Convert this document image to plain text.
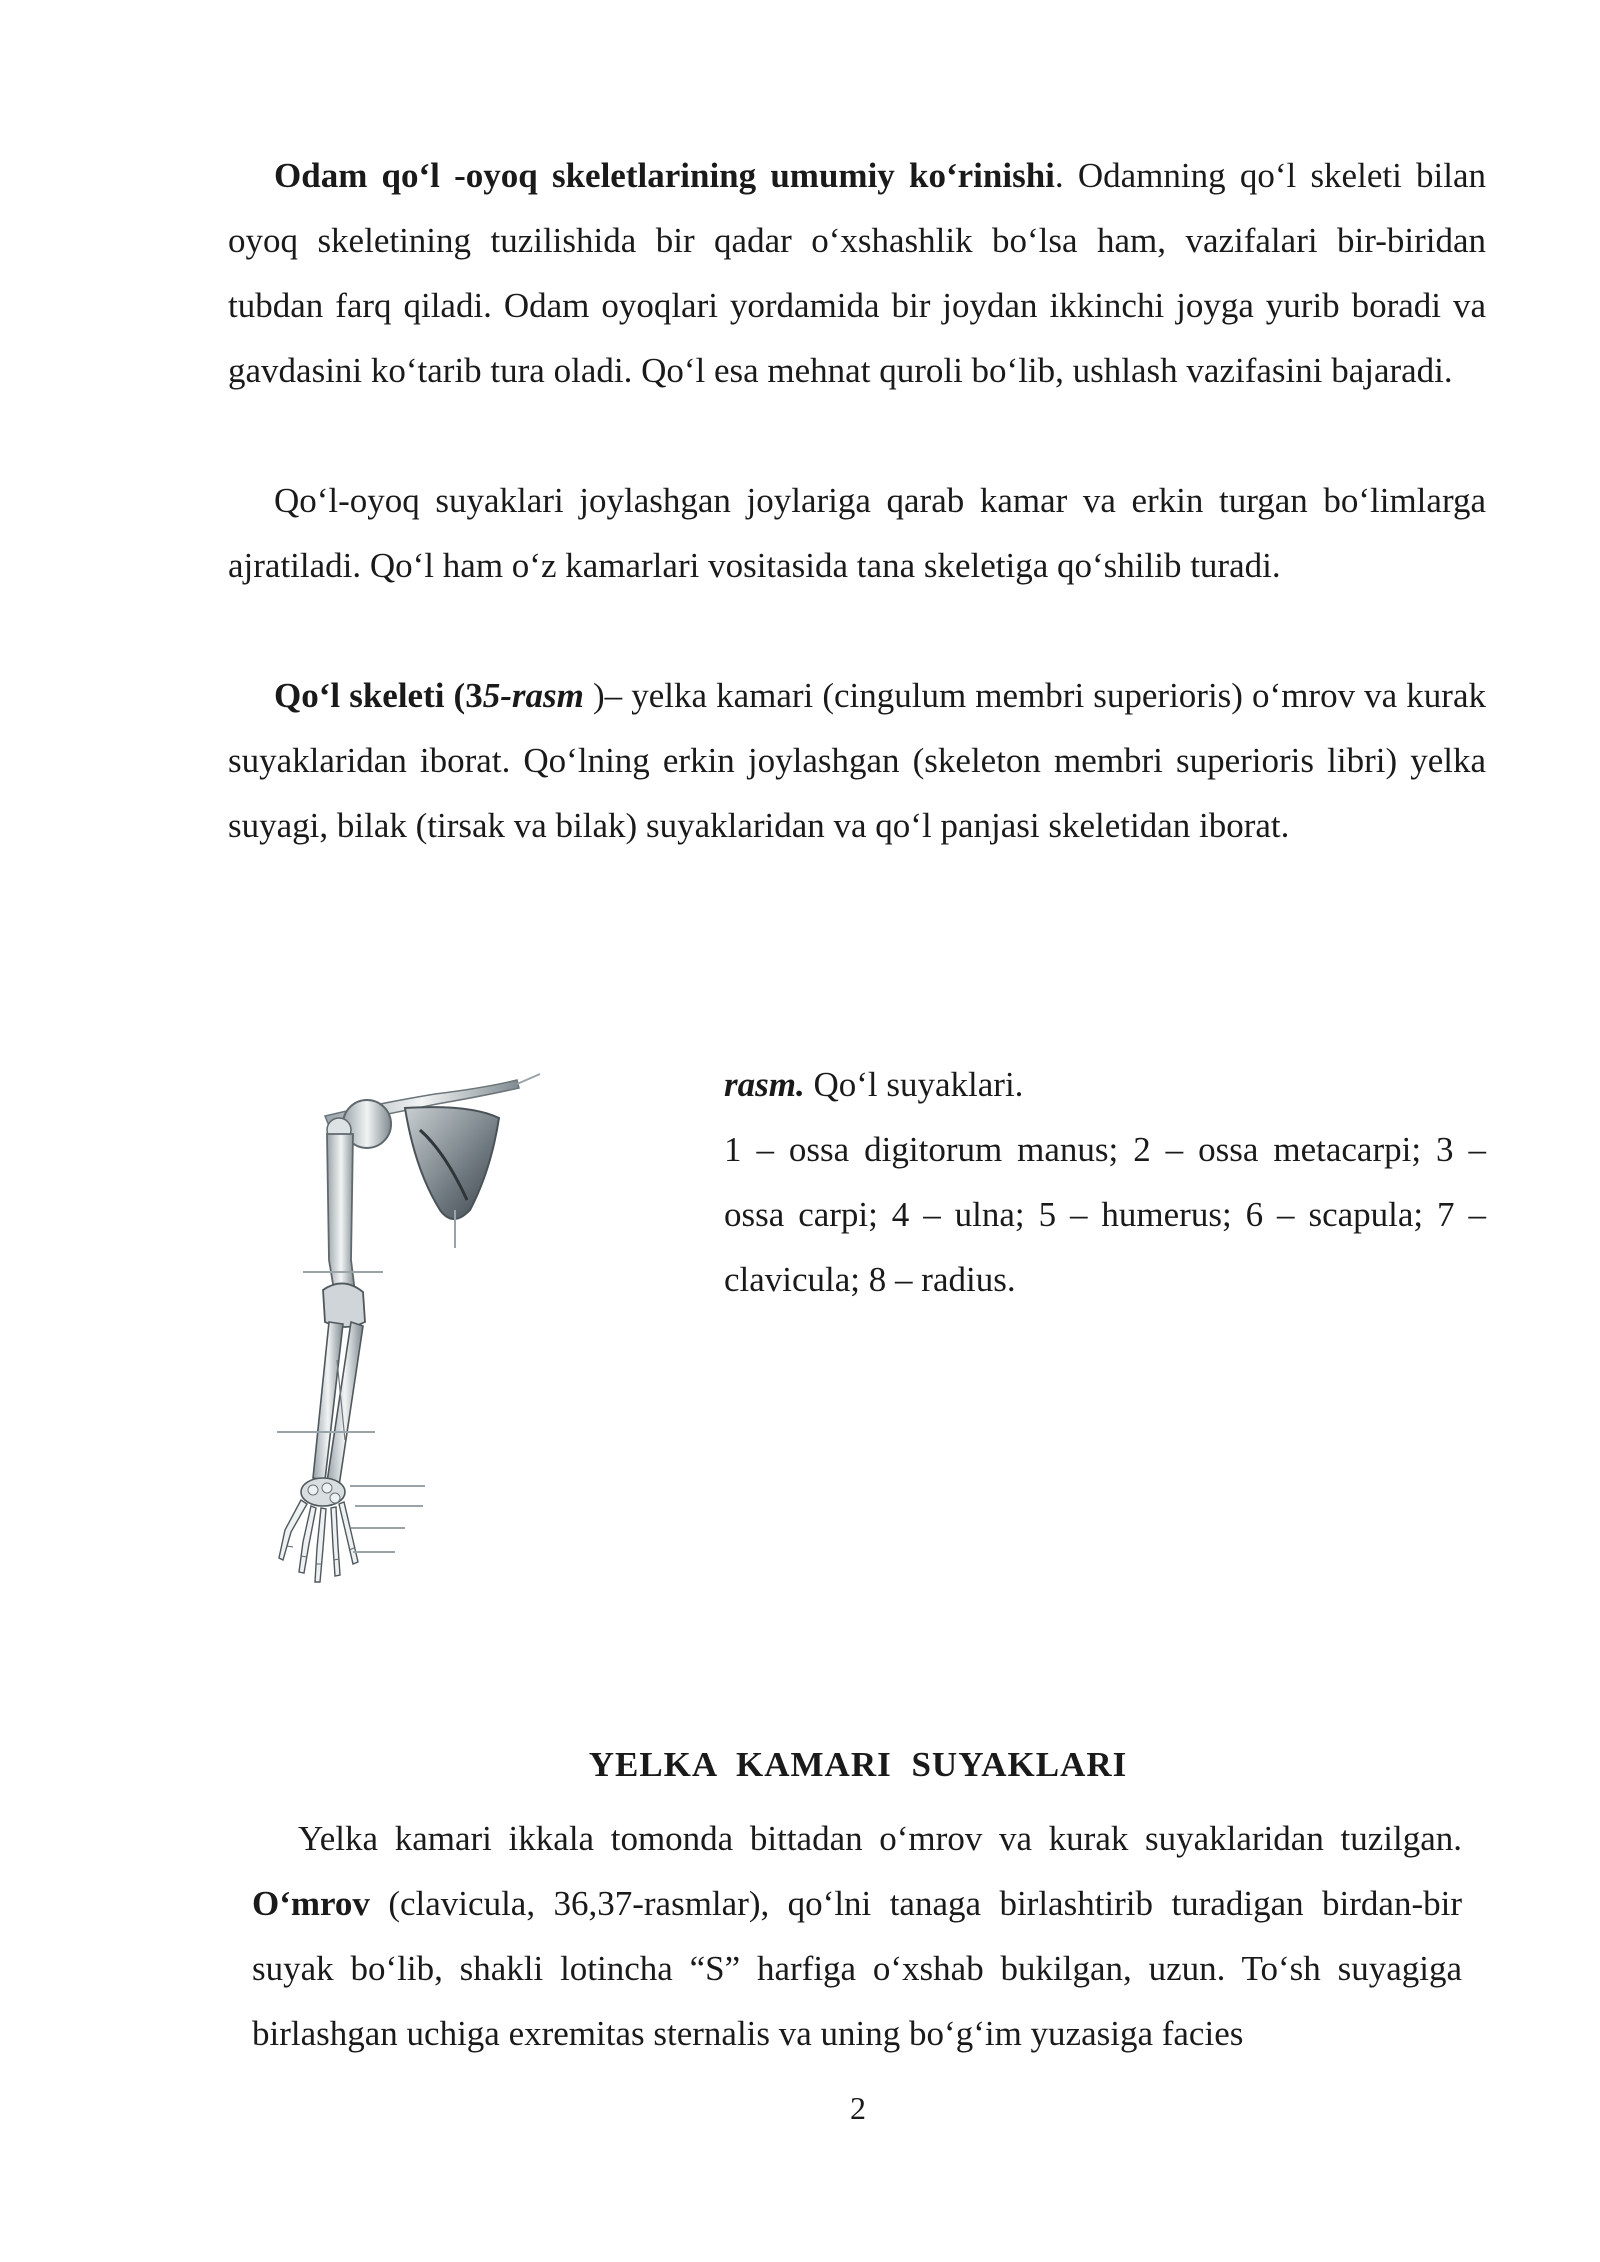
Odam qo‘l -oyoq skeletlarining umumiy ko‘rinishi. Odamning qo‘l skeleti bilan oyoq skeletining tuzilishida bir qadar o‘xshashlik bo‘lsa ham, vazifalari bir-biridan tubdan farq qiladi. Odam oyoqlari yordamida bir joydan ikkinchi joyga yurib boradi va gavdasini ko‘tarib tura oladi. Qo‘l esa mehnat quroli bo‘lib, ushlash vazifasini bajaradi.

Qo‘l-oyoq suyaklari joylashgan joylariga qarab kamar va erkin turgan bo‘limlarga ajratiladi. Qo‘l ham o‘z kamarlari vositasida tana skeletiga qo‘shilib turadi.

Qo‘l skeleti (35-rasm )– yelka kamari (cingulum membri superioris) o‘mrov va kurak suyaklaridan iborat. Qo‘lning erkin joylashgan (skeleton membri superioris libri) yelka suyagi, bilak (tirsak va bilak) suyaklaridan va qo‘l panjasi skeletidan iborat.

rasm. Qo‘l suyaklari.
1 – ossa digitorum manus; 2 – ossa metacarpi; 3 – ossa carpi; 4 – ulna; 5 – humerus; 6 – scapula; 7 – clavicula; 8 – radius.

YELKA KAMARI SUYAKLARI

Yelka kamari ikkala tomonda bittadan o‘mrov va kurak suyaklaridan tuzilgan. O‘mrov (clavicula, 36,37-rasmlar), qo‘lni tanaga birlashtirib turadigan birdan-bir suyak bo‘lib, shakli lotincha “S” harfiga o‘xshab bukilgan, uzun. To‘sh suyagiga birlashgan uchiga exremitas sternalis va uning bo‘g‘im yuzasiga facies

2
